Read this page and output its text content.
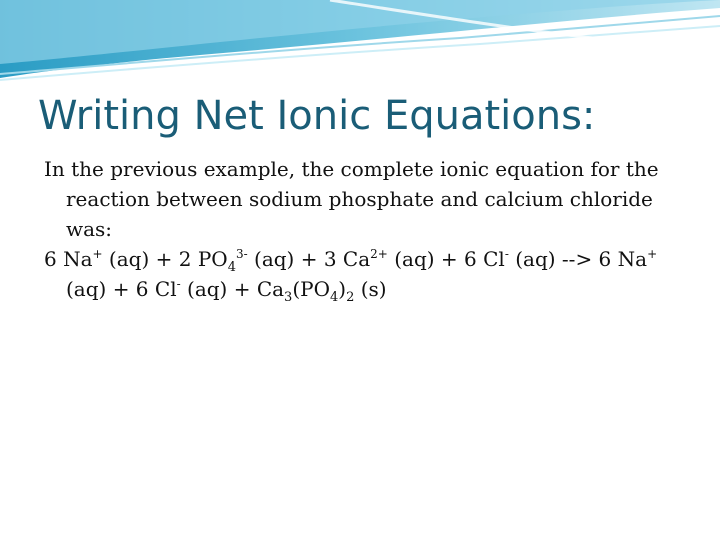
Writing Net Ionic Equations:

In the previous example, the complete ionic equation for the reaction between sodium phosphate and calcium chloride was:

6 Na+ (aq) + 2 $PO_4^{3-}$ (aq) + 3 $Ca^{2+}$ (aq) + 6 Cl- (aq) --> 6 Na+ (aq) + 6 Cl- $(aq) + Ca_3(PO_4)_2$ (s)
